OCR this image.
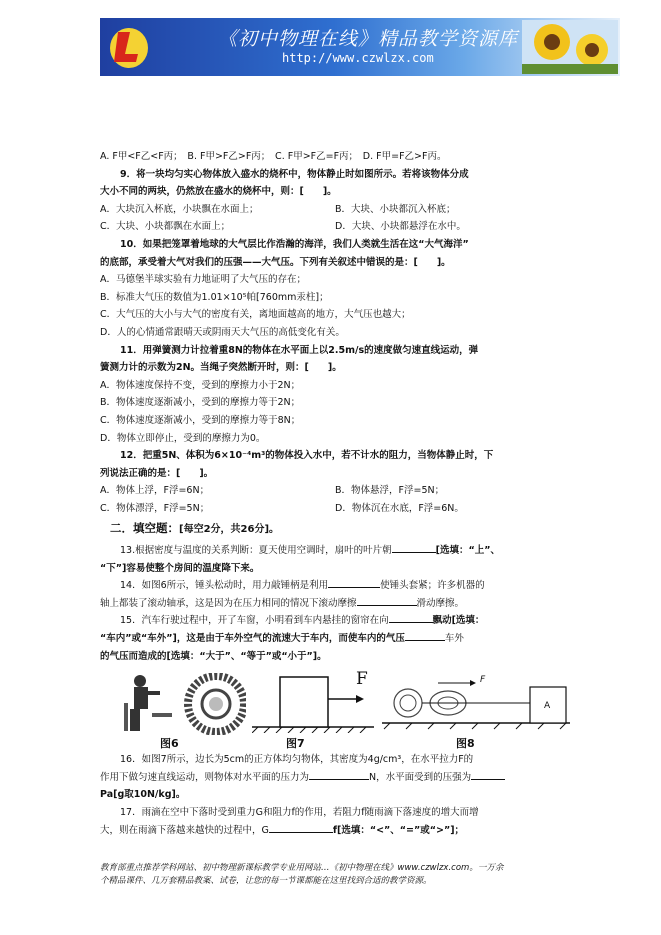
《初中物理在线》精品教学资源库
http://www.czwlzx.com
A. F甲<F乙<F丙；　B. F甲>F乙>F丙；　C. F甲>F乙=F丙；　D. F甲=F乙>F丙。
9．将一块均匀实心物体放入盛水的烧杯中，物体静止时如图所示。若将该物体分成
大小不同的两块，仍然放在盛水的烧杯中，则：[　　]。
A．大块沉入杯底，小块飘在水面上；	B．大块、小块都沉入杯底；
C．大块、小块都飘在水面上；	D．大块、小块都悬浮在水中。
10．如果把笼罩着地球的大气层比作浩瀚的海洋，我们人类就生活在这“大气海洋”
的底部，承受着大气对我们的压强——大气压。下列有关叙述中错误的是：[　　]。
A．马德堡半球实验有力地证明了大气压的存在；
B．标准大气压的数值为1.01×10⁵帕[760mm汞柱]；
C．大气压的大小与大气的密度有关，离地面越高的地方，大气压也越大；
D．人的心情通常跟晴天或阴雨天大气压的高低变化有关。
11．用弹簧测力计拉着重8N的物体在水平面上以2.5m/s的速度做匀速直线运动，弹
簧测力计的示数为2N。当绳子突然断开时，则：[　　]。
A．物体速度保持不变，受到的摩擦力小于2N；
B．物体速度逐渐减小，受到的摩擦力等于2N；
C．物体速度逐渐减小，受到的摩擦力等于8N；
D．物体立即停止，受到的摩擦力为0。
12．把重5N、体积为6×10⁻⁴m³的物体投入水中，若不计水的阻力，当物体静止时，下
列说法正确的是：[　　]。
A．物体上浮，F浮=6N；	B．物体悬浮，F浮=5N；
C．物体漂浮，F浮=5N；	D．物体沉在水底，F浮=6N。
二．填空题：[每空2分，共26分]。
13.根据密度与温度的关系判断：夏天使用空调时，扇叶的叶片朝	[选填：“上”、
“下”]容易使整个房间的温度降下来。
14．如图6所示，锤头松动时，用力敲锤柄是利用	使锤头套紧；许多机器的
轴上都装了滚动轴承，这是因为在压力相同的情况下滚动摩擦	滑动摩擦。
15．汽车行驶过程中，开了车窗，小明看到车内悬挂的窗帘在向	飘动[选填：
“车内”或“车外”]，这是由于车外空气的流速大于车内，而使车内的气压	车外
的气压而造成的[选填：“大于”、“等于”或“小于”]。
图6
F
图7
F
A
图8
16．如图7所示，边长为5cm的正方体均匀物体，其密度为4g/cm³，在水平拉力F的
作用下做匀速直线运动，则物体对水平面的压力为	N，水平面受到的压强为
Pa[g取10N/kg]。
17．雨滴在空中下落时受到重力G和阻力f的作用，若阻力f随雨滴下落速度的增大而增
大，则在雨滴下落越来越快的过程中，G	f[选填：“<”、“=”或“>”]；
教育部重点推荐学科网站、初中物理新课标教学专业用网站…《初中物理在线》www.czwlzx.com。一万余
个精品课件、几万套精品教案、试卷，让您的每一节课都能在这里找到合适的教学资源。
